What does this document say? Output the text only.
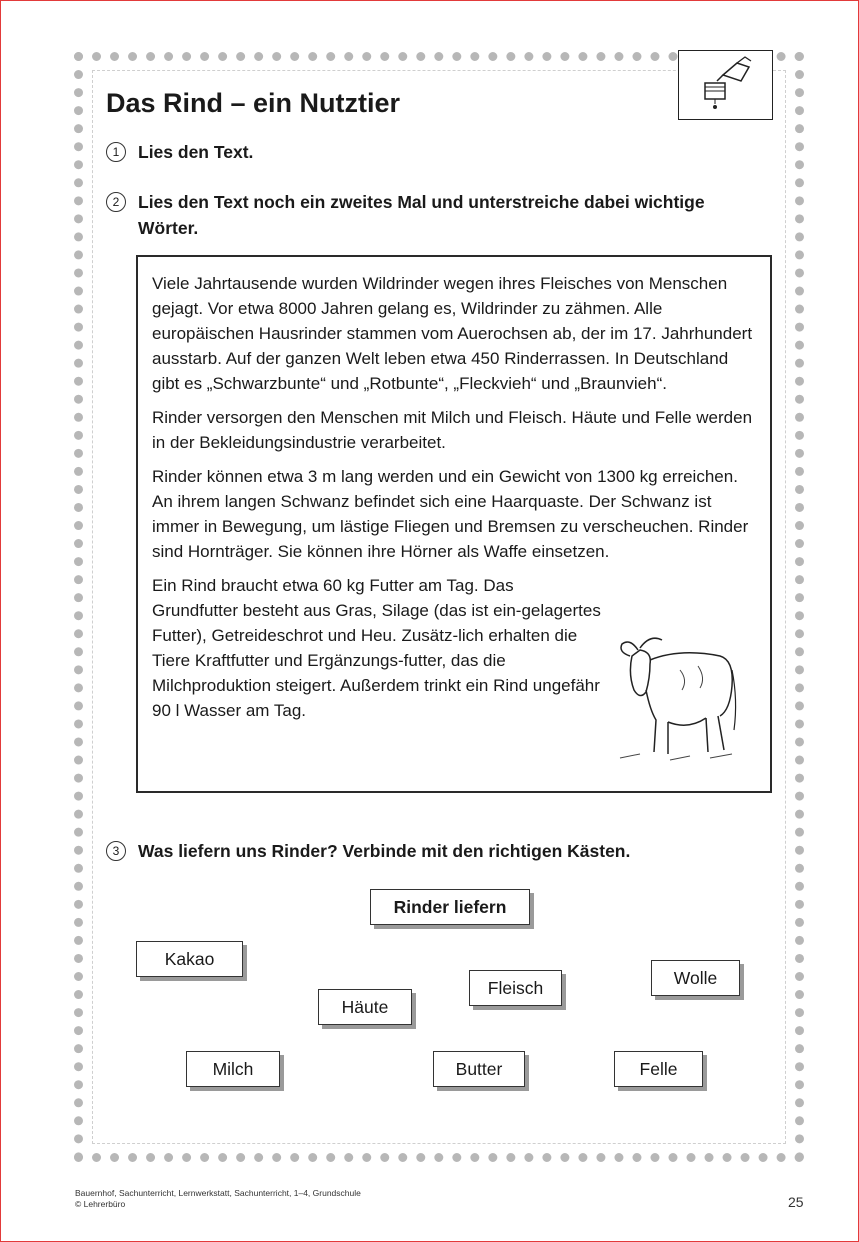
Das Rind – ein Nutztier
1	Lies den Text.
2	Lies den Text noch ein zweites Mal und unterstreiche dabei wichtige Wörter.

Viele Jahrtausende wurden Wildrinder wegen ihres Fleisches von Menschen gejagt. Vor etwa 8000 Jahren gelang es, Wildrinder zu zähmen. Alle europäischen Hausrinder stammen vom Auerochsen ab, der im 17. Jahrhundert ausstarb. Auf der ganzen Welt leben etwa 450 Rinderrassen. In Deutschland gibt es „Schwarzbunte“ und „Rotbunte“, „Fleckvieh“ und „Braunvieh“.

Rinder versorgen den Menschen mit Milch und Fleisch. Häute und Felle werden in der Bekleidungsindustrie verarbeitet.

Rinder können etwa 3 m lang werden und ein Gewicht von 1300 kg erreichen. An ihrem langen Schwanz befindet sich eine Haarquaste. Der Schwanz ist immer in Bewegung, um lästige Fliegen und Bremsen zu verscheuchen. Rinder sind Hornträger. Sie können ihre Hörner als Waffe einsetzen.

Ein Rind braucht etwa 60 kg Futter am Tag. Das Grundfutter besteht aus Gras, Silage (das ist ein-gelagertes Futter), Getreideschrot und Heu. Zusätz-lich erhalten die Tiere Kraftfutter und Ergänzungs-futter, das die Milchproduktion steigert. Außerdem trinkt ein Rind ungefähr 90 l Wasser am Tag.

3	Was liefern uns Rinder? Verbinde mit den richtigen Kästen.
Rinder liefern
Kakao
Häute
Fleisch	Wolle
Milch	Butter	Felle
Bauernhof, Sachunterricht, Lernwerkstatt, Sachunterricht, 1–4, Grundschule
© Lehrerbüro	25
